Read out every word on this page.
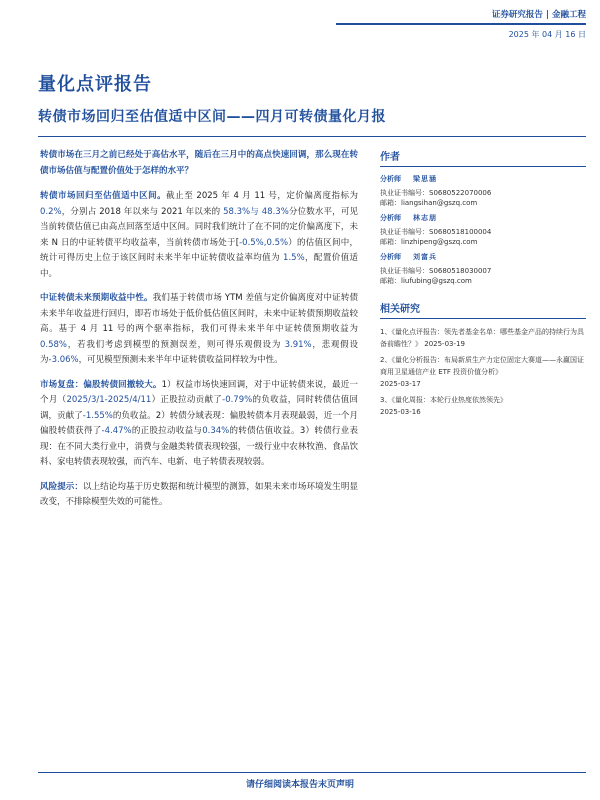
证券研究报告 | 金融工程
2025 年 04 月 16 日
量化点评报告
转债市场回归至估值适中区间——四月可转债量化月报

转债市场在三月之前已经处于高估水平，随后在三月中的高点快速回调，那么现在转债市场估值与配置价值处于怎样的水平？

转债市场回归至估值适中区间。截止至 2025 年 4 月 11 号，定价偏离度指标为 0.2%，分别占 2018 年以来与 2021 年以来的 58.3%与 48.3%分位数水平，可见当前转债估值已由高点回落至适中区间。同时我们统计了在不同的定价偏离度下，未来 N 日的中证转债平均收益率，当前转债市场处于[-0.5%,0.5%）的估值区间中，统计可得历史上位于该区间时未来半年中证转债收益率均值为 1.5%，配置价值适中。

中证转债未来预期收益中性。我们基于转债市场 YTM 差值与定价偏离度对中证转债未来半年收益进行回归，即若市场处于低价低估值区间时，未来中证转债预期收益较高。基于 4 月 11 号的两个驱率指标，我们可得未来半年中证转债预期收益为 0.58%，若我们考虑到模型的预测误差，则可得乐观假设为 3.91%，悲观假设为-3.06%，可见模型预测未来半年中证转债收益同样较为中性。

市场复盘：偏股转债回撤较大。1）权益市场快速回调，对于中证转债来说，最近一个月（2025/3/1-2025/4/11）正股拉动贡献了-0.79%的负收益，同时转债估值回调，贡献了-1.55%的负收益。2）转债分域表现：偏股转债本月表现最弱，近一个月偏股转债获得了-4.47%的正股拉动收益与0.34%的转债估值收益。3）转债行业表现：在不同大类行业中，消费与金融类转债表现较强，一级行业中农林牧渔、食品饮料、家电转债表现较强，而汽车、电新、电子转债表现较弱。

风险提示：以上结论均基于历史数据和统计模型的测算，如果未来市场环境发生明显改变，不排除模型失效的可能性。

作者
分析师 梁思涵
执业证书编号：S0680522070006
邮箱：liangsihan@gszq.com
分析师 林志朋
执业证书编号：S0680518100004
邮箱：linzhipeng@gszq.com
分析师 刘富兵
执业证书编号：S0680518030007
邮箱：liufubing@gszq.com
相关研究
1、《量化点评报告：领先者基金名单：哪些基金产品的持续行为具备前瞻性？》 2025-03-19
2、《量化分析报告：布局新质生产力定位固定大赛道——永赢国证商用卫星通信产业 ETF 投资价值分析》
2025-03-17
3、《量化周报：本轮行业热度依然领先》
2025-03-16
请仔细阅读本报告末页声明
